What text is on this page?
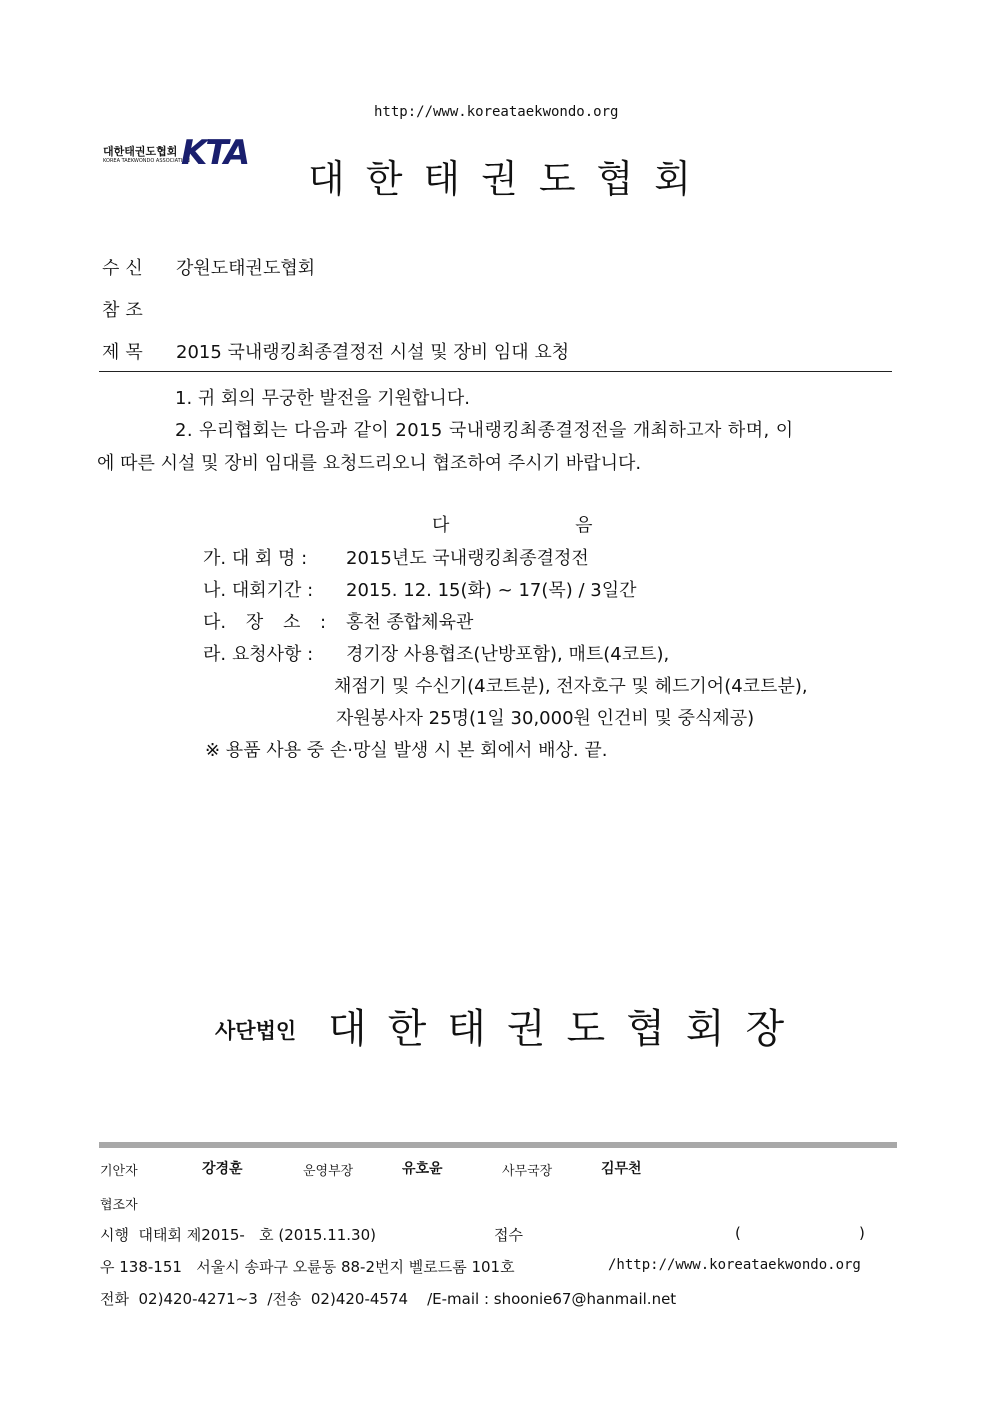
http://www.koreataekwondo.org
대한태권도협회
KOREA TAEKWONDO ASSOCIATION
KTA
대한태권도협회
수신 강원도태권도협회
참조
제목 2015 국내랭킹최종결정전 시설 및 장비 임대 요청
1. 귀 회의 무궁한 발전을 기원합니다.
2. 우리협회는 다음과 같이 2015 국내랭킹최종결정전을 개최하고자 하며, 이
에 따른 시설 및 장비 임대를 요청드리오니 협조하여 주시기 바랍니다.
다 음
가. 대 회 명 : 2015년도 국내랭킹최종결정전
나. 대회기간 : 2015. 12. 15(화) ~ 17(목) / 3일간
다. 장 소 : 홍천 종합체육관
라. 요청사항 : 경기장 사용협조(난방포함), 매트(4코트),
채점기 및 수신기(4코트분), 전자호구 및 헤드기어(4코트분),
자원봉사자 25명(1일 30,000원 인건비 및 중식제공)
※ 용품 사용 중 손·망실 발생 시 본 회에서 배상. 끝.
사단법인 대한태권도협회장
기안자	강경훈	운영부장	유호윤	사무국장	김무천
협조자
시행  대태회 제2015-   호 (2015.11.30)	접수	(	)
우 138-151   서울시 송파구 오륜동 88-2번지 벨로드롬 101호	/http://www.koreataekwondo.org
전화  02)420-4271~3  /전송  02)420-4574    /E-mail : shoonie67@hanmail.net
